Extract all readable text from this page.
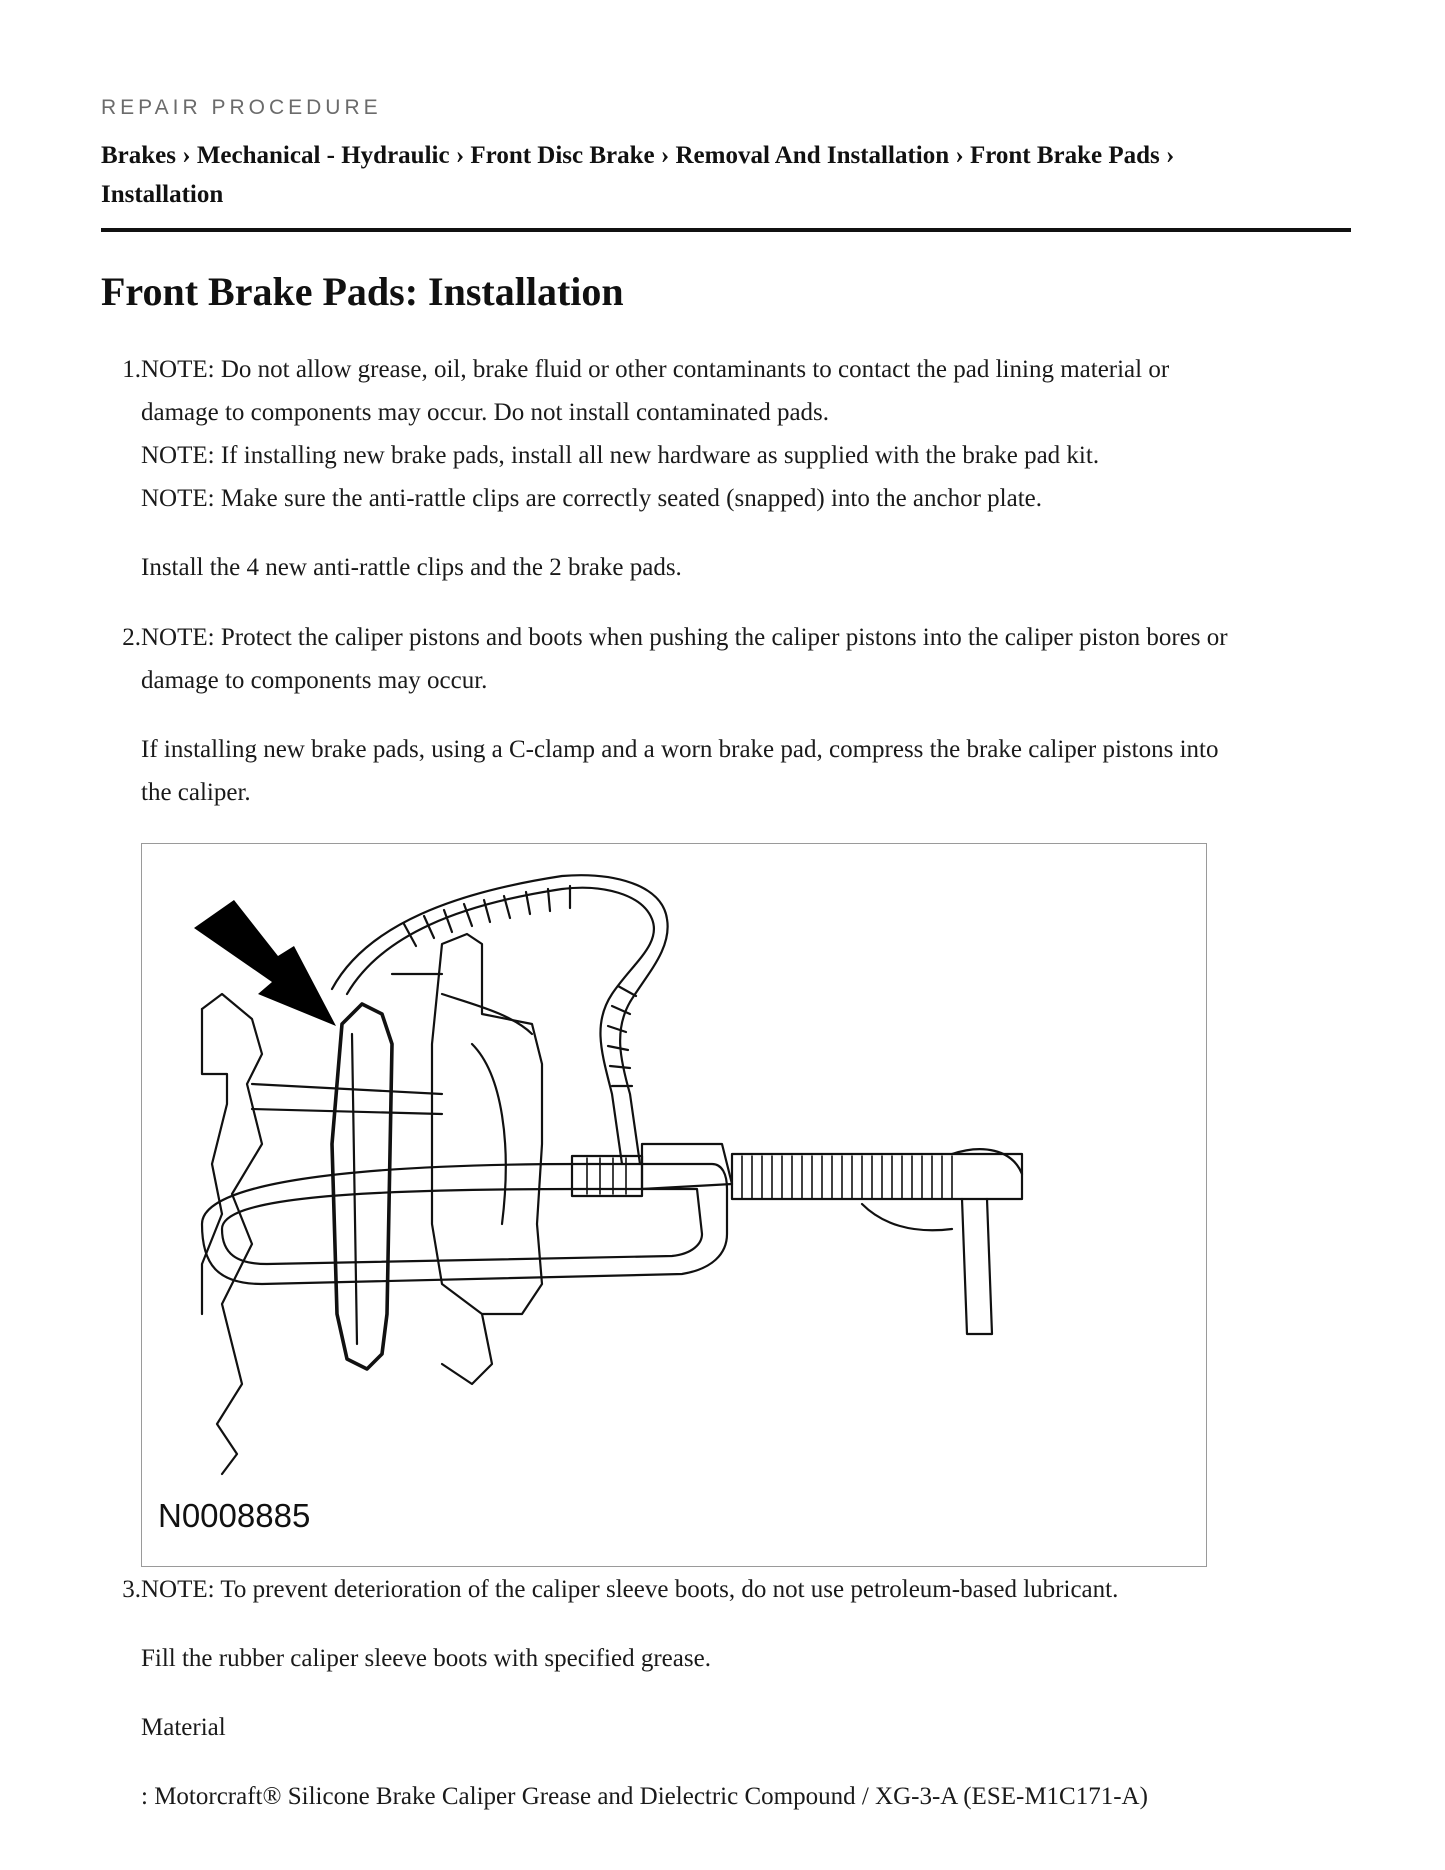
REPAIR PROCEDURE
Brakes › Mechanical - Hydraulic › Front Disc Brake › Removal And Installation › Front Brake Pads ›
Installation
Front Brake Pads: Installation
1. NOTE: Do not allow grease, oil, brake fluid or other contaminants to contact the pad lining material or

damage to components may occur. Do not install contaminated pads.

NOTE: If installing new brake pads, install all new hardware as supplied with the brake pad kit.

NOTE: Make sure the anti-rattle clips are correctly seated (snapped) into the anchor plate.

Install the 4 new anti-rattle clips and the 2 brake pads.

2. NOTE: Protect the caliper pistons and boots when pushing the caliper pistons into the caliper piston bores or

damage to components may occur.

If installing new brake pads, using a C-clamp and a worn brake pad, compress the brake caliper pistons into

the caliper.

3. NOTE: To prevent deterioration of the caliper sleeve boots, do not use petroleum-based lubricant.

Fill the rubber caliper sleeve boots with specified grease.

Material

: Motorcraft® Silicone Brake Caliper Grease and Dielectric Compound / XG-3-A (ESE-M1C171-A)

N0008885
